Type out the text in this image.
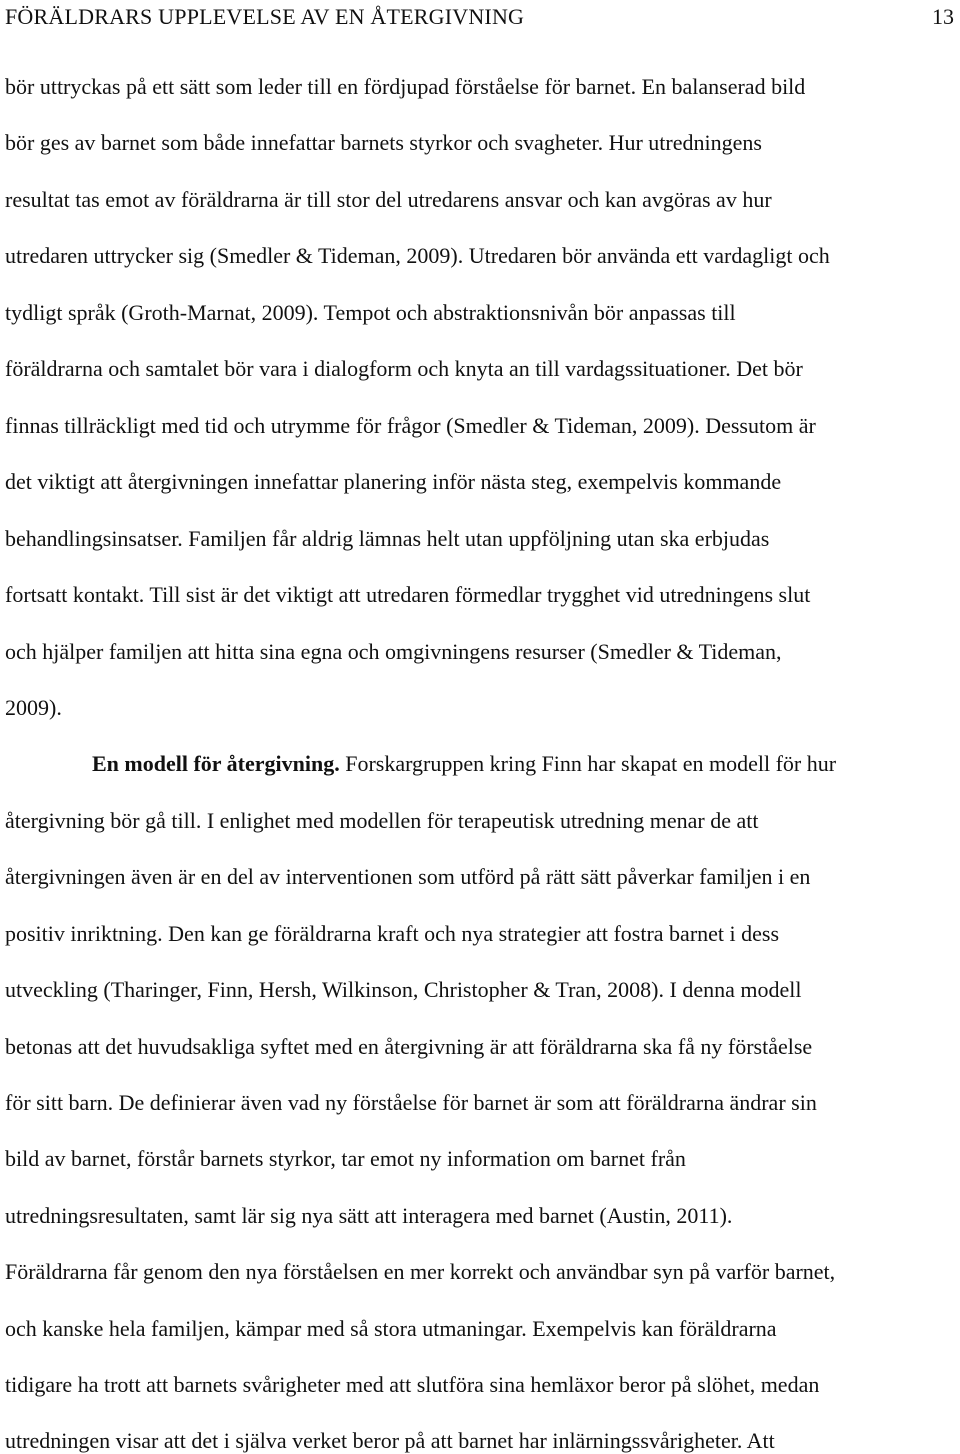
FÖRÄLDRARS UPPLEVELSE AV EN ÅTERGIVNING	13
bör uttryckas på ett sätt som leder till en fördjupad förståelse för barnet. En balanserad bild
bör ges av barnet som både innefattar barnets styrkor och svagheter. Hur utredningens
resultat tas emot av föräldrarna är till stor del utredarens ansvar och kan avgöras av hur
utredaren uttrycker sig (Smedler & Tideman, 2009). Utredaren bör använda ett vardagligt och
tydligt språk (Groth-Marnat, 2009). Tempot och abstraktionsnivån bör anpassas till
föräldrarna och samtalet bör vara i dialogform och knyta an till vardagssituationer. Det bör
finnas tillräckligt med tid och utrymme för frågor (Smedler & Tideman, 2009). Dessutom är
det viktigt att återgivningen innefattar planering inför nästa steg, exempelvis kommande
behandlingsinsatser. Familjen får aldrig lämnas helt utan uppföljning utan ska erbjudas
fortsatt kontakt. Till sist är det viktigt att utredaren förmedlar trygghet vid utredningens slut
och hjälper familjen att hitta sina egna och omgivningens resurser (Smedler & Tideman,
2009).
En modell för återgivning. Forskargruppen kring Finn har skapat en modell för hur
återgivning bör gå till. I enlighet med modellen för terapeutisk utredning menar de att
återgivningen även är en del av interventionen som utförd på rätt sätt påverkar familjen i en
positiv inriktning. Den kan ge föräldrarna kraft och nya strategier att fostra barnet i dess
utveckling (Tharinger, Finn, Hersh, Wilkinson, Christopher & Tran, 2008). I denna modell
betonas att det huvudsakliga syftet med en återgivning är att föräldrarna ska få ny förståelse
för sitt barn. De definierar även vad ny förståelse för barnet är som att föräldrarna ändrar sin
bild av barnet, förstår barnets styrkor, tar emot ny information om barnet från
utredningsresultaten, samt lär sig nya sätt att interagera med barnet (Austin, 2011).
Föräldrarna får genom den nya förståelsen en mer korrekt och användbar syn på varför barnet,
och kanske hela familjen, kämpar med så stora utmaningar. Exempelvis kan föräldrarna
tidigare ha trott att barnets svårigheter med att slutföra sina hemläxor beror på slöhet, medan
utredningen visar att det i själva verket beror på att barnet har inlärningssvårigheter. Att
